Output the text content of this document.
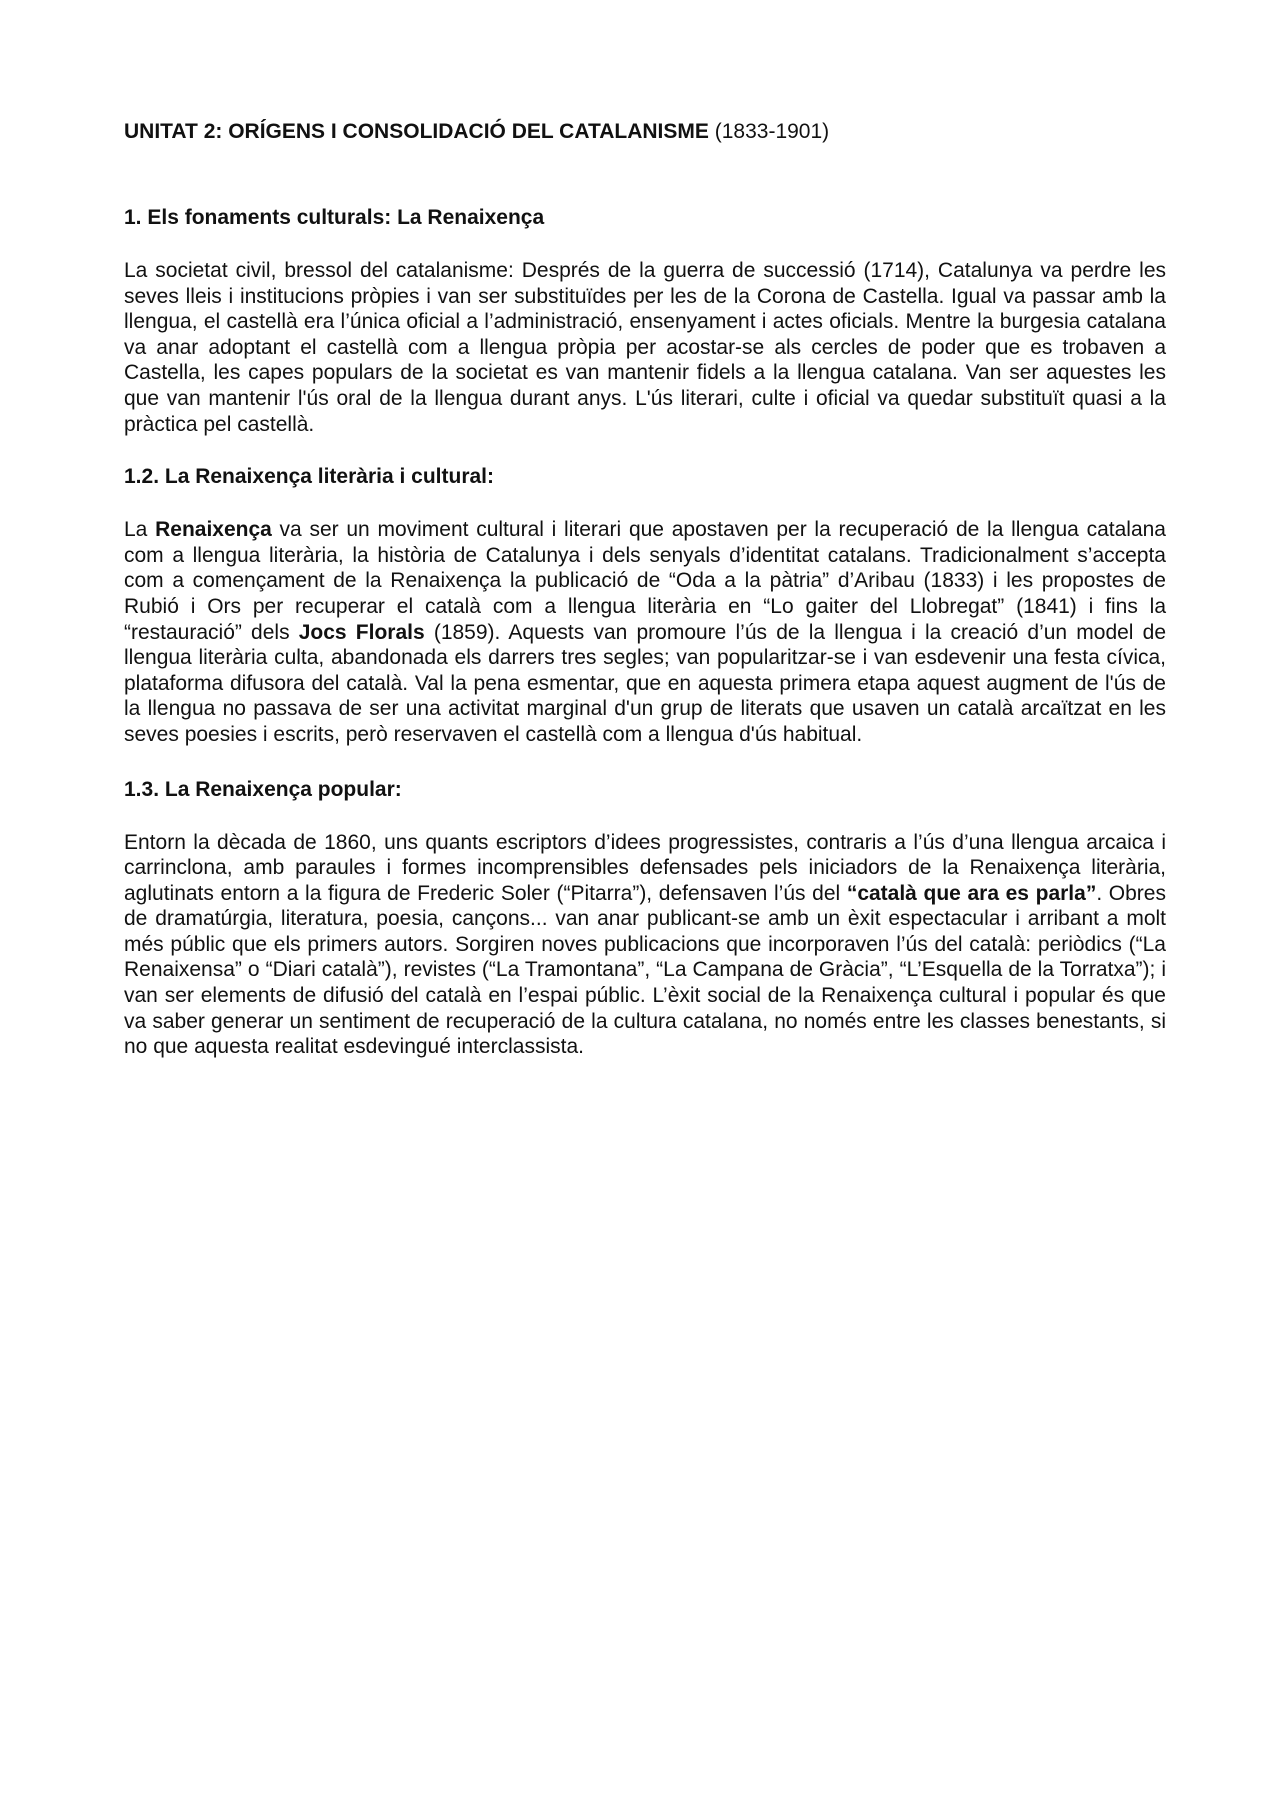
UNITAT 2: ORÍGENS I CONSOLIDACIÓ DEL CATALANISME (1833-1901)
1. Els fonaments culturals: La Renaixença

La societat civil, bressol del catalanisme: Després de la guerra de successió (1714), Catalunya va perdre les seves lleis i institucions pròpies i van ser substituïdes per les de la Corona de Castella. Igual va passar amb la llengua, el castellà era l’única oficial a l’administració, ensenyament i actes oficials. Mentre la burgesia catalana va anar adoptant el castellà com a llengua pròpia per acostar-se als cercles de poder que es trobaven a Castella, les capes populars de la societat es van mantenir fidels a la llengua catalana. Van ser aquestes les que van mantenir l'ús oral de la llengua durant anys. L'ús literari, culte i oficial va quedar substituït quasi a la pràctica pel castellà.

1.2. La Renaixença literària i cultural:

La Renaixença va ser un moviment cultural i literari que apostaven per la recuperació de la llengua catalana com a llengua literària, la història de Catalunya i dels senyals d’identitat catalans. Tradicionalment s’accepta com a començament de la Renaixença la publicació de “Oda a la pàtria” d’Aribau (1833) i les propostes de Rubió i Ors per recuperar el català com a llengua literària en “Lo gaiter del Llobregat” (1841) i fins la “restauració” dels Jocs Florals (1859). Aquests van promoure l’ús de la llengua i la creació d’un model de llengua literària culta, abandonada els darrers tres segles; van popularitzar-se i van esdevenir una festa cívica, plataforma difusora del català. Val la pena esmentar, que en aquesta primera etapa aquest augment de l'ús de la llengua no passava de ser una activitat marginal d'un grup de literats que usaven un català arcaïtzat en les seves poesies i escrits, però reservaven el castellà com a llengua d'ús habitual.

1.3. La Renaixença popular:

Entorn la dècada de 1860, uns quants escriptors d’idees progressistes, contraris a l’ús d’una llengua arcaica i carrinclona, amb paraules i formes incomprensibles defensades pels iniciadors de la Renaixença literària, aglutinats entorn a la figura de Frederic Soler (“Pitarra”), defensaven l’ús del “català que ara es parla”. Obres de dramatúrgia, literatura, poesia, cançons... van anar publicant-se amb un èxit espectacular i arribant a molt més públic que els primers autors. Sorgiren noves publicacions que incorporaven l’ús del català: periòdics (“La Renaixensa” o “Diari català”), revistes (“La Tramontana”, “La Campana de Gràcia”, “L’Esquella de la Torratxa”); i van ser elements de difusió del català en l’espai públic. L’èxit social de la Renaixença cultural i popular és que va saber generar un sentiment de recuperació de la cultura catalana, no només entre les classes benestants, si no que aquesta realitat esdevingué interclassista.
